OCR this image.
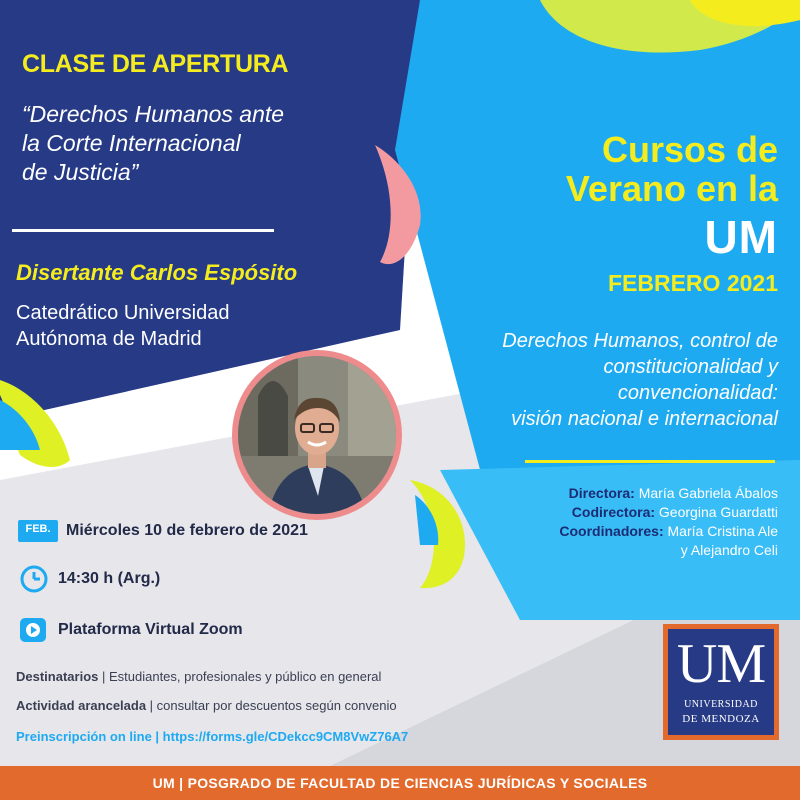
CLASE DE APERTURA
“Derechos Humanos ante
la Corte Internacional
de Justicia”
Disertante Carlos Espósito
Catedrático Universidad
Autónoma de Madrid
Cursos de
Verano en la
UM
FEBRERO 2021
Derechos Humanos, control de
constitucionalidad y
convencionalidad:
visión nacional e internacional
Directora: María Gabriela Ábalos
Codirectora: Georgina Guardatti
Coordinadores: María Cristina Ale
y Alejandro Celi
UM
UNIVERSIDAD
DE MENDOZA
FEB. Miércoles 10 de febrero de 2021
14:30 h (Arg.)
Plataforma Virtual Zoom
Destinatarios | Estudiantes, profesionales y público en general
Actividad arancelada | consultar por descuentos según convenio
Preinscripción on line | https://forms.gle/CDekcc9CM8VwZ76A7
UM | POSGRADO DE FACULTAD DE CIENCIAS JURÍDICAS Y SOCIALES
